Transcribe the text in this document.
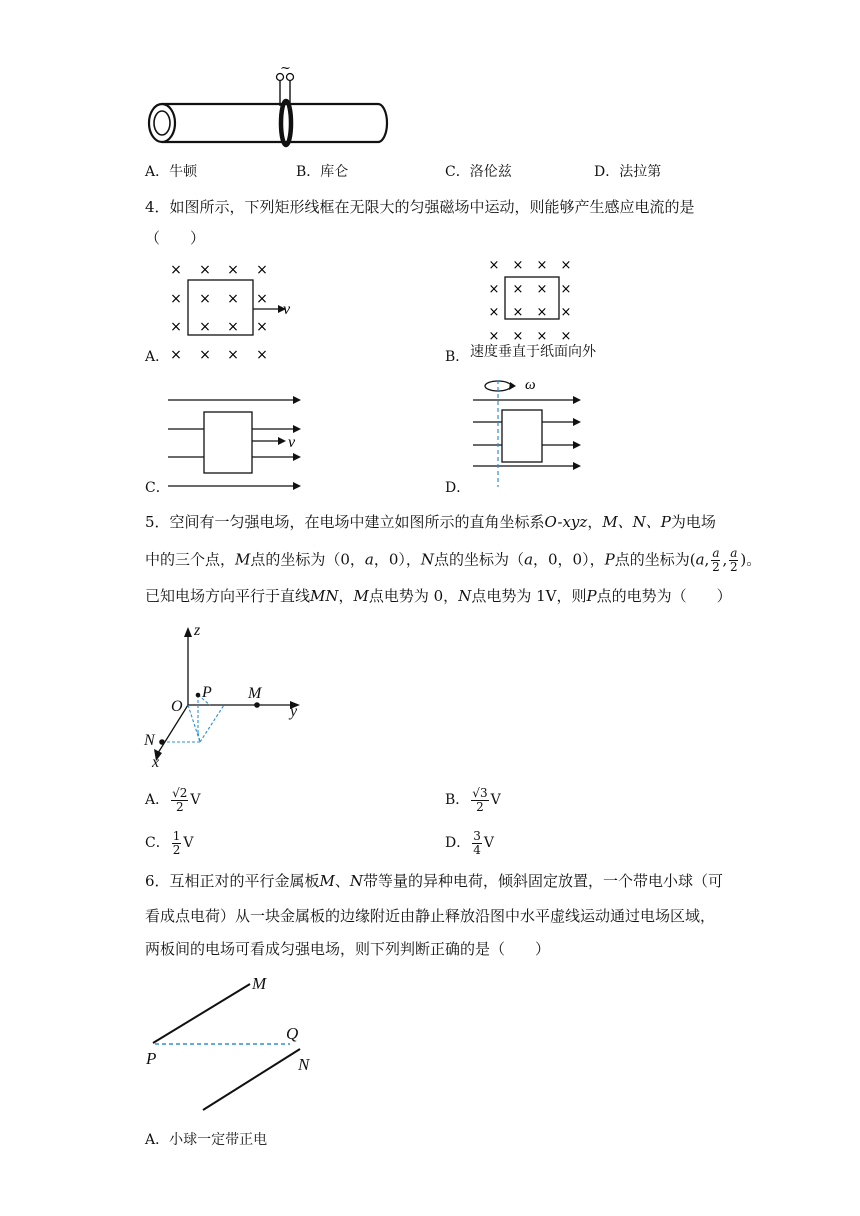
~
A．牛顿	B．库仑	C．洛伦兹	D．法拉第
4．如图所示，下列矩形线框在无限大的匀强磁场中运动，则能够产生感应电流的是
（　　）
v
× × × ×
× × × ×
× × × ×
× × × ×
× × × ×
× × × ×
× × × ×
× × × ×
速度垂直于纸面向外
v
ω
A．	B．
C．	D．
5．空间有一匀强电场，在电场中建立如图所示的直角坐标系O-xyz，M、N、P为电场
中的三个点，M点的坐标为（0，a，0），N点的坐标为（a，0，0），P点的坐标为(a, $\frac{a}{2}$ , $\frac{a}{2}$ )。
已知电场方向平行于直线MN，M点电势为 0，N点电势为 1V，则P点的电势为（　　）
z
y
x
O
P M
N
A． $\frac{√2}{2}$ V	B． $\frac{√3}{2}$ V
C． $\frac{1}{2}$ V	D． $\frac{3}{4}$ V
6．互相正对的平行金属板M、N带等量的异种电荷，倾斜固定放置，一个带电小球（可
看成点电荷）从一块金属板的边缘附近由静止释放沿图中水平虚线运动通过电场区域，
两板间的电场可看成匀强电场，则下列判断正确的是（　　）
M
P
Q
N
A．小球一定带正电
